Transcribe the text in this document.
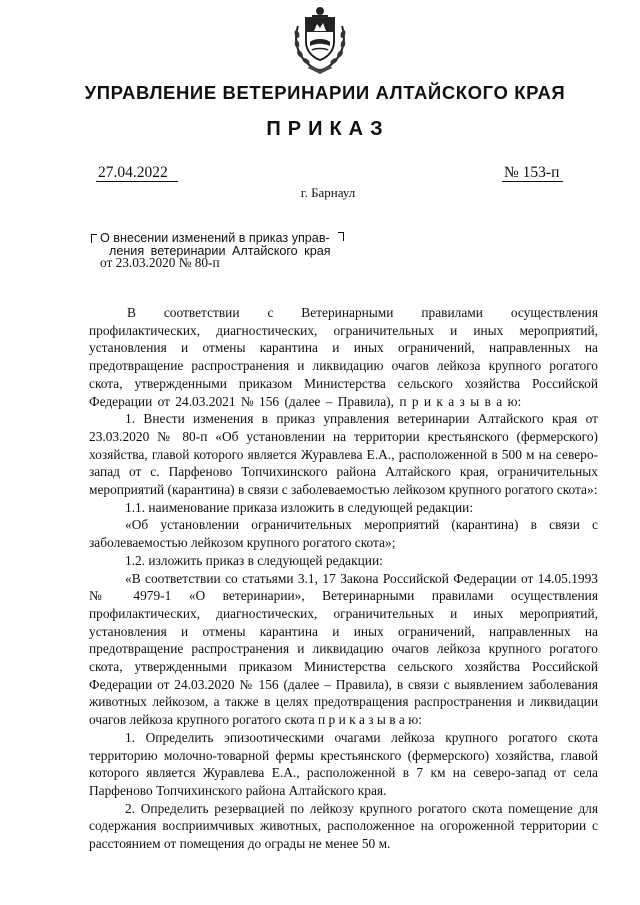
УПРАВЛЕНИЕ ВЕТЕРИНАРИИ АЛТАЙСКОГО КРАЯ
ПРИКАЗ
27.04.2022	№ 153-п
г. Барнаул
О внесении изменений в приказ управ-
ления ветеринарии Алтайского края
от 23.03.2020 № 80-п

В соответствии с Ветеринарными правилами осуществления профилактических, диагностических, ограничительных и иных мероприятий, установления и отмены карантина и иных ограничений, направленных на предотвращение распространения и ликвидацию очагов лейкоза крупного рогатого скота, утвержденными приказом Министерства сельского хозяйства Российской Федерации от 24.03.2021 № 156 (далее – Правила), п р и к а з ы в а ю:

1. Внести изменения в приказ управления ветеринарии Алтайского края от 23.03.2020 № 80-п «Об установлении на территории крестьянского (фермерского) хозяйства, главой которого является Журавлева Е.А., расположенной в 500 м на северо-запад от с. Парфеново Топчихинского района Алтайского края, ограничительных мероприятий (карантина) в связи с заболеваемостью лейкозом крупного рогатого скота»:

1.1. наименование приказа изложить в следующей редакции:

«Об установлении ограничительных мероприятий (карантина) в связи с заболеваемостью лейкозом крупного рогатого скота»;

1.2. изложить приказ в следующей редакции:

«В соответствии со статьями 3.1, 17 Закона Российской Федерации от 14.05.1993 № 4979-1 «О ветеринарии», Ветеринарными правилами осуществления профилактических, диагностических, ограничительных и иных мероприятий, установления и отмены карантина и иных ограничений, направленных на предотвращение распространения и ликвидацию очагов лейкоза крупного рогатого скота, утвержденными приказом Министерства сельского хозяйства Российской Федерации от 24.03.2020 № 156 (далее – Правила), в связи с выявлением заболевания животных лейкозом, а также в целях предотвращения распространения и ликвидации очагов лейкоза крупного рогатого скота п р и к а з ы в а ю:

1. Определить эпизоотическими очагами лейкоза крупного рогатого скота территорию молочно-товарной фермы крестьянского (фермерского) хозяйства, главой которого является Журавлева Е.А., расположенной в 7 км на северо-запад от села Парфеново Топчихинского района Алтайского края.

2. Определить резервацией по лейкозу крупного рогатого скота помещение для содержания восприимчивых животных, расположенное на огороженной территории с расстоянием от помещения до ограды не менее 50 м.
